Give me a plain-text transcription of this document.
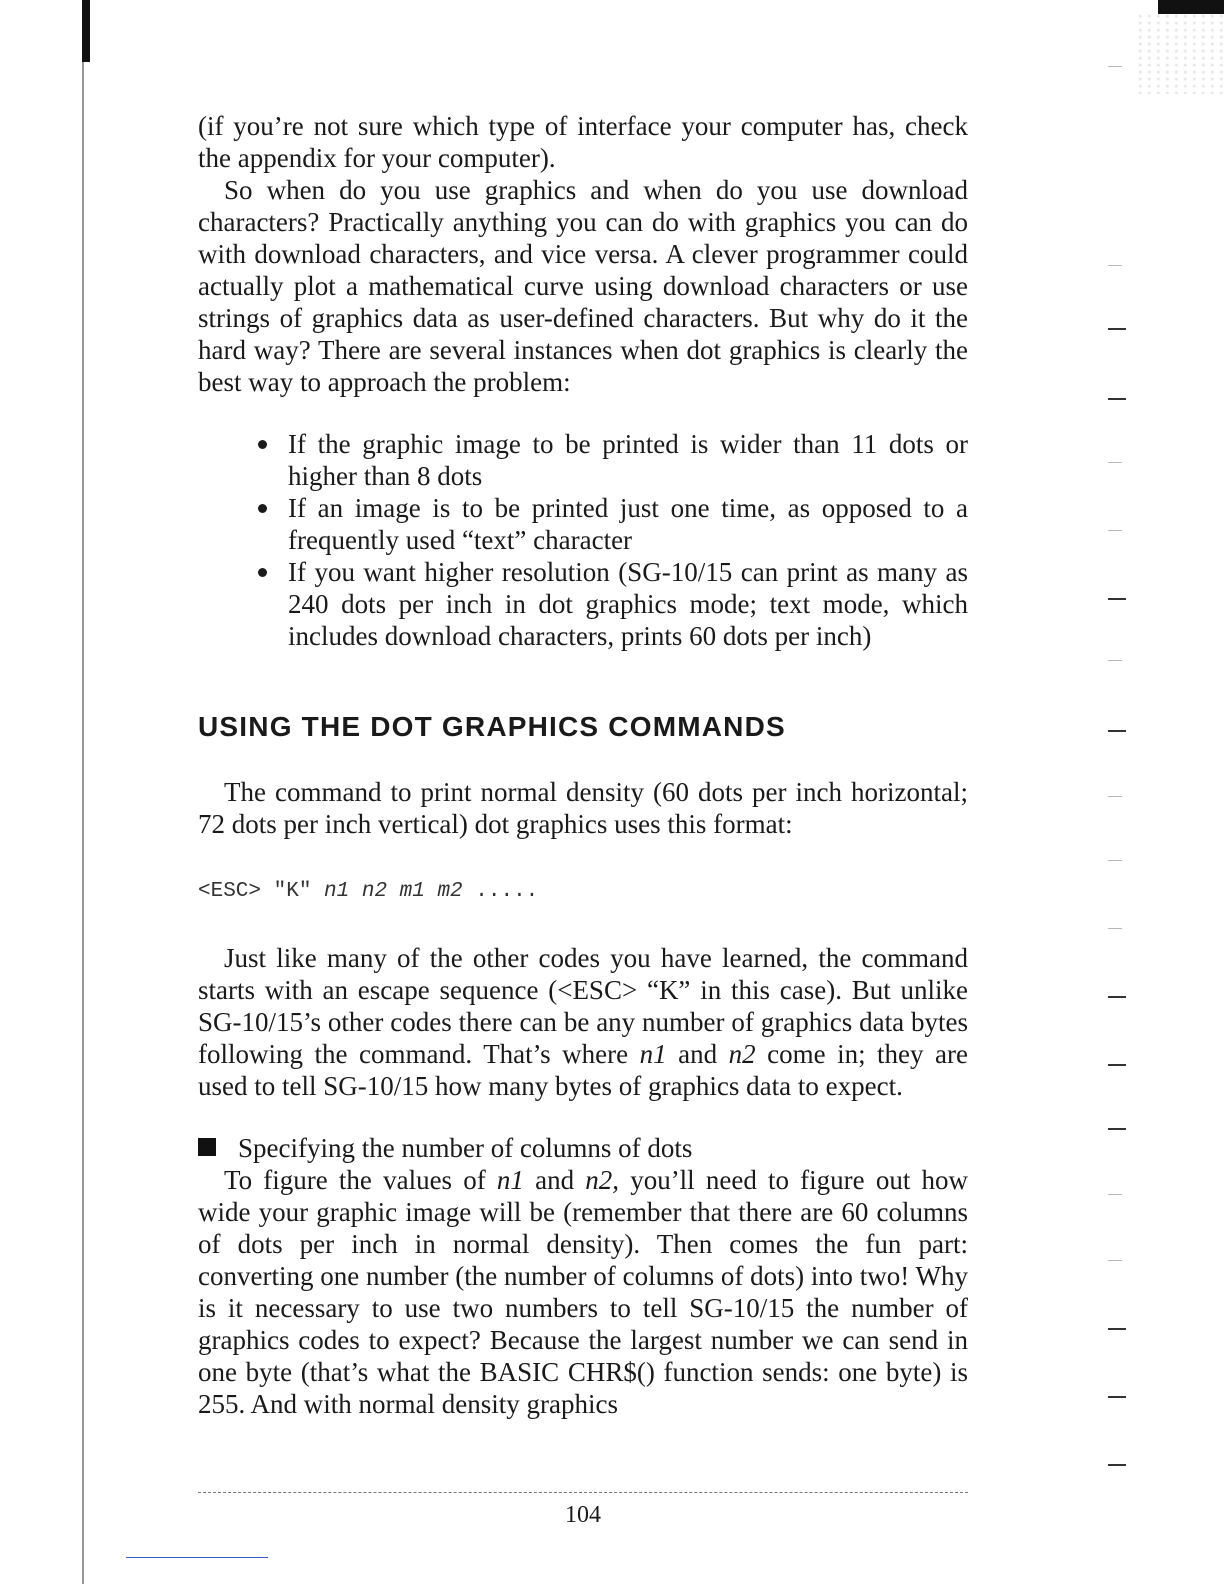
(if you’re not sure which type of interface your computer has, check the appendix for your computer).

So when do you use graphics and when do you use download characters? Practically anything you can do with graphics you can do with download characters, and vice versa. A clever programmer could actually plot a mathematical curve using download characters or use strings of graphics data as user-defined characters. But why do it the hard way? There are several instances when dot graphics is clearly the best way to approach the problem:

If the graphic image to be printed is wider than 11 dots or higher than 8 dots
If an image is to be printed just one time, as opposed to a frequently used “text” character
If you want higher resolution (SG-10/15 can print as many as 240 dots per inch in dot graphics mode; text mode, which includes download characters, prints 60 dots per inch)
USING THE DOT GRAPHICS COMMANDS

The command to print normal density (60 dots per inch horizontal; 72 dots per inch vertical) dot graphics uses this format:

<ESC> "K" n1 n2 m1 m2 .....

Just like many of the other codes you have learned, the command starts with an escape sequence (<ESC> “K” in this case). But unlike SG-10/15’s other codes there can be any number of graphics data bytes following the command. That’s where n1 and n2 come in; they are used to tell SG-10/15 how many bytes of graphics data to expect.

Specifying the number of columns of dots

To figure the values of n1 and n2, you’ll need to figure out how wide your graphic image will be (remember that there are 60 columns of dots per inch in normal density). Then comes the fun part: converting one number (the number of columns of dots) into two! Why is it necessary to use two numbers to tell SG-10/15 the number of graphics codes to expect? Because the largest number we can send in one byte (that’s what the BASIC CHR$() function sends: one byte) is 255. And with normal density graphics

104
